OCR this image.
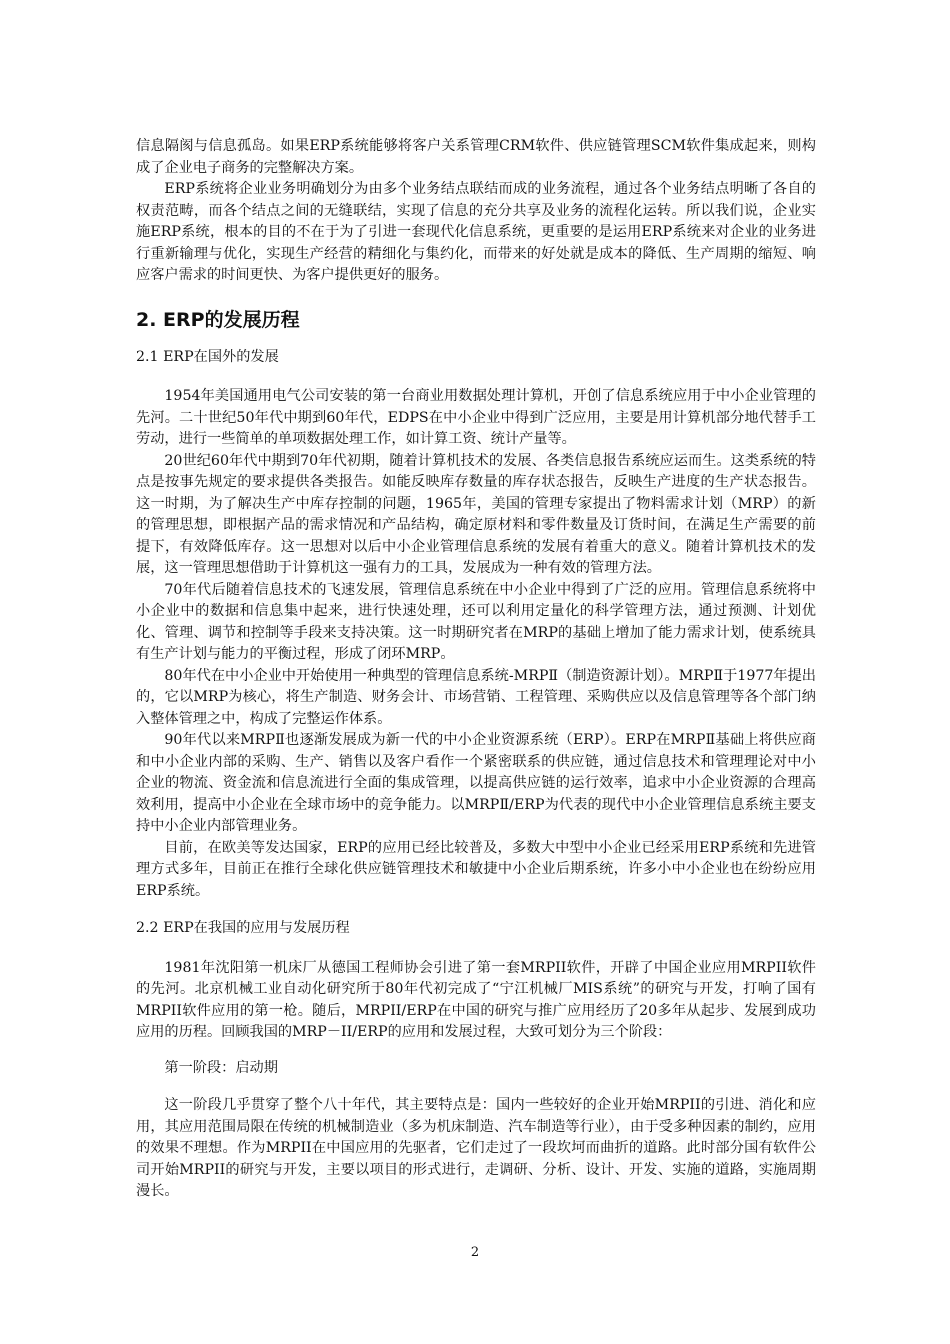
信息隔阂与信息孤岛。如果ERP系统能够将客户关系管理CRM软件、供应链管理SCM软件集成起来，则构成了企业电子商务的完整解决方案。

ERP系统将企业业务明确划分为由多个业务结点联结而成的业务流程，通过各个业务结点明晰了各自的权责范畴，而各个结点之间的无缝联结，实现了信息的充分共享及业务的流程化运转。所以我们说，企业实施ERP系统，根本的目的不在于为了引进一套现代化信息系统，更重要的是运用ERP系统来对企业的业务进行重新输理与优化，实现生产经营的精细化与集约化，而带来的好处就是成本的降低、生产周期的缩短、响应客户需求的时间更快、为客户提供更好的服务。

2. ERP的发展历程
2.1 ERP在国外的发展

1954年美国通用电气公司安装的第一台商业用数据处理计算机，开创了信息系统应用于中小企业管理的先河。二十世纪50年代中期到60年代，EDPS在中小企业中得到广泛应用，主要是用计算机部分地代替手工劳动，进行一些简单的单项数据处理工作，如计算工资、统计产量等。

20世纪60年代中期到70年代初期，随着计算机技术的发展、各类信息报告系统应运而生。这类系统的特点是按事先规定的要求提供各类报告。如能反映库存数量的库存状态报告，反映生产进度的生产状态报告。这一时期，为了解决生产中库存控制的问题，1965年，美国的管理专家提出了物料需求计划（MRP）的新的管理思想，即根据产品的需求情况和产品结构，确定原材料和零件数量及订货时间，在满足生产需要的前提下，有效降低库存。这一思想对以后中小企业管理信息系统的发展有着重大的意义。随着计算机技术的发展，这一管理思想借助于计算机这一强有力的工具，发展成为一种有效的管理方法。

70年代后随着信息技术的飞速发展，管理信息系统在中小企业中得到了广泛的应用。管理信息系统将中小企业中的数据和信息集中起来，进行快速处理，还可以利用定量化的科学管理方法，通过预测、计划优化、管理、调节和控制等手段来支持决策。这一时期研究者在MRP的基础上增加了能力需求计划，使系统具有生产计划与能力的平衡过程，形成了闭环MRP。

80年代在中小企业中开始使用一种典型的管理信息系统-MRPⅡ（制造资源计划）。MRPⅡ于1977年提出的，它以MRP为核心，将生产制造、财务会计、市场营销、工程管理、采购供应以及信息管理等各个部门纳入整体管理之中，构成了完整运作体系。

90年代以来MRPⅡ也逐渐发展成为新一代的中小企业资源系统（ERP）。ERP在MRPⅡ基础上将供应商和中小企业内部的采购、生产、销售以及客户看作一个紧密联系的供应链，通过信息技术和管理理论对中小企业的物流、资金流和信息流进行全面的集成管理，以提高供应链的运行效率，追求中小企业资源的合理高效利用，提高中小企业在全球市场中的竞争能力。以MRPⅡ/ERP为代表的现代中小企业管理信息系统主要支持中小企业内部管理业务。

目前，在欧美等发达国家，ERP的应用已经比较普及，多数大中型中小企业已经采用ERP系统和先进管理方式多年，目前正在推行全球化供应链管理技术和敏捷中小企业后期系统，许多小中小企业也在纷纷应用ERP系统。

2.2 ERP在我国的应用与发展历程

1981年沈阳第一机床厂从德国工程师协会引进了第一套MRPII软件，开辟了中国企业应用MRPII软件的先河。北京机械工业自动化研究所于80年代初完成了“宁江机械厂MIS系统”的研究与开发，打响了国有MRPII软件应用的第一枪。随后，MRPII/ERP在中国的研究与推广应用经历了20多年从起步、发展到成功应用的历程。回顾我国的MRP－II/ERP的应用和发展过程，大致可划分为三个阶段：

第一阶段：启动期

这一阶段几乎贯穿了整个八十年代，其主要特点是：国内一些较好的企业开始MRPII的引进、消化和应用，其应用范围局限在传统的机械制造业（多为机床制造、汽车制造等行业），由于受多种因素的制约，应用的效果不理想。作为MRPII在中国应用的先驱者，它们走过了一段坎坷而曲折的道路。此时部分国有软件公司开始MRPII的研究与开发，主要以项目的形式进行，走调研、分析、设计、开发、实施的道路，实施周期漫长。

2
